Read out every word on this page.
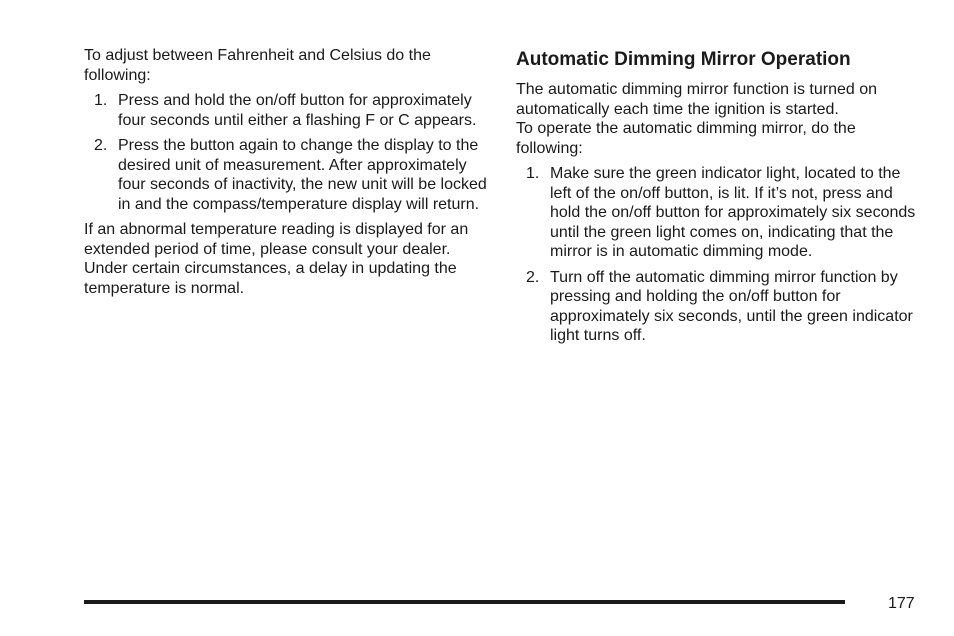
To adjust between Fahrenheit and Celsius do the following:

1. Press and hold the on/off button for approximately four seconds until either a flashing F or C appears.
2. Press the button again to change the display to the desired unit of measurement. After approximately four seconds of inactivity, the new unit will be locked in and the compass/temperature display will return.

If an abnormal temperature reading is displayed for an extended period of time, please consult your dealer. Under certain circumstances, a delay in updating the temperature is normal.

Automatic Dimming Mirror Operation

The automatic dimming mirror function is turned on automatically each time the ignition is started.

To operate the automatic dimming mirror, do the following:

1. Make sure the green indicator light, located to the left of the on/off button, is lit. If it’s not, press and hold the on/off button for approximately six seconds until the green light comes on, indicating that the mirror is in automatic dimming mode.
2. Turn off the automatic dimming mirror function by pressing and holding the on/off button for approximately six seconds, until the green indicator light turns off.
177
